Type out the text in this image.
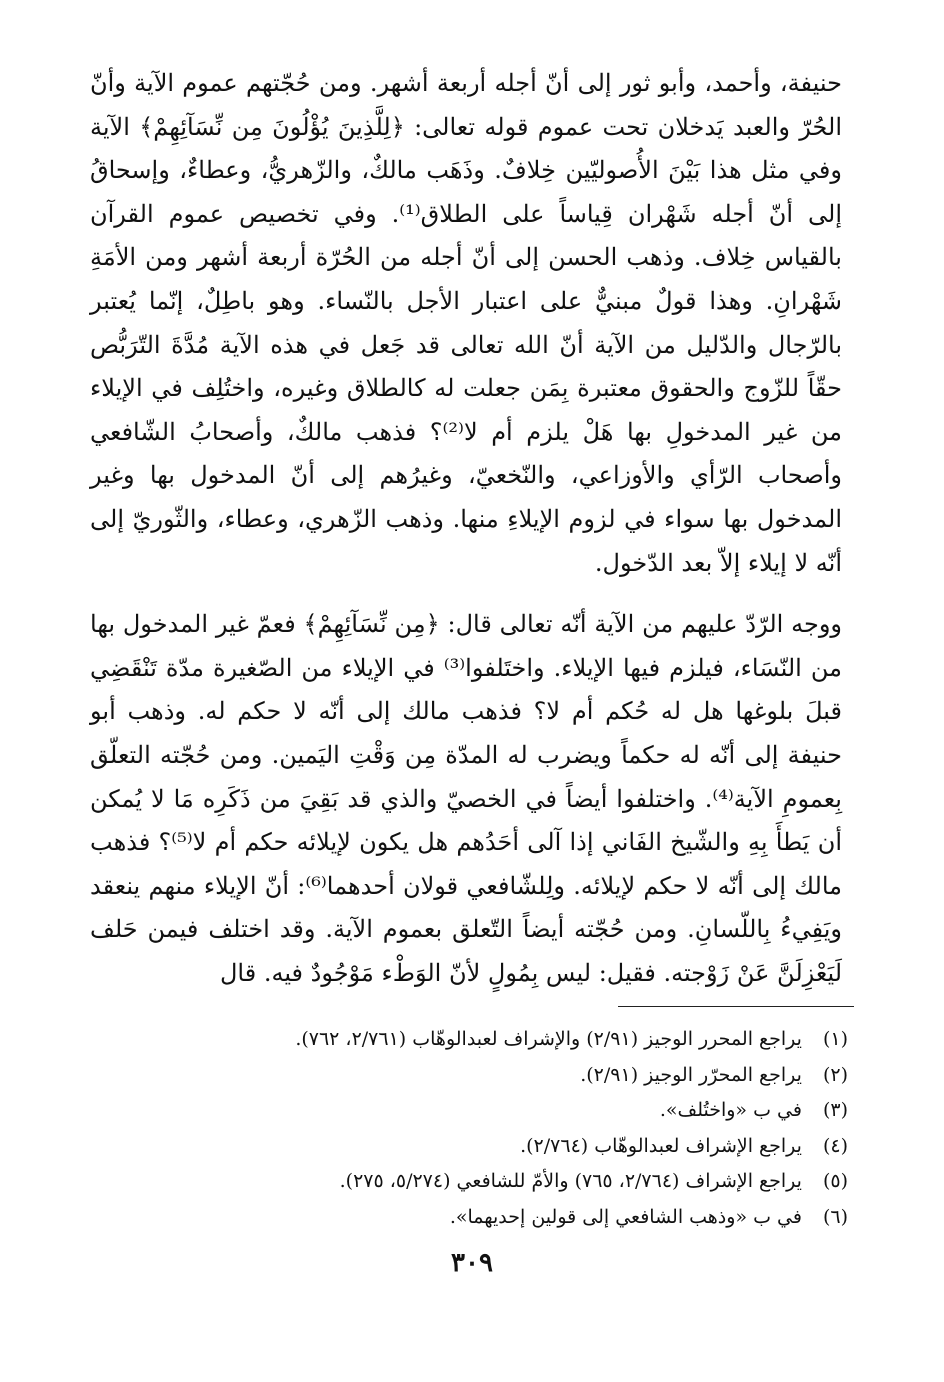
حنيفة، وأحمد، وأبو ثور إلى أنّ أجله أربعة أشهر. ومن حُجّتهم عموم الآية وأنّ الحُرّ والعبد يَدخلان تحت عموم قوله تعالى: ﴿لِلَّذِينَ يُؤْلُونَ مِن نِّسَآئِهِمْ﴾ الآية وفي مثل هذا بَيْنَ الأُصوليّين خِلافٌ. وذَهَب مالكٌ، والزّهريُّ، وعطاءٌ، وإسحاقُ إلى أنّ أجله شَهْران قِياساً على الطلاق⁽¹⁾. وفي تخصيص عموم القرآن بالقياس خِلاف. وذهب الحسن إلى أنّ أجله من الحُرّة أربعة أشهر ومن الأمَةِ شَهْرانِ. وهذا قولٌ مبنيٌّ على اعتبار الأجل بالنّساء. وهو باطِلٌ، إنّما يُعتبر بالرّجال والدّليل من الآية أنّ الله تعالى قد جَعل في هذه الآية مُدَّةَ التّرَبُّص حقّاً للزّوج والحقوق معتبرة بِمَن جعلت له كالطلاق وغيره، واختُلِف في الإيلاء من غير المدخولِ بها هَلْ يلزم أم لا⁽²⁾؟ فذهب مالكٌ، وأصحابُ الشّافعي وأصحاب الرّأي والأوزاعي، والنّخعيّ، وغيرُهم إلى أنّ المدخول بها وغير المدخول بها سواء في لزوم الإيلاءِ منها. وذهب الزّهري، وعطاء، والثّوريّ إلى أنّه لا إيلاء إلاّ بعد الدّخول.

ووجه الرّدّ عليهم من الآية أنّه تعالى قال: ﴿مِن نِّسَآئِهِمْ﴾ فعمّ غير المدخول بها من النّسَاء، فيلزم فيها الإيلاء. واختَلفوا⁽³⁾ في الإيلاء من الصّغيرة مدّة تَنْقَضِي قبلَ بلوغها هل له حُكم أم لا؟ فذهب مالك إلى أنّه لا حكم له. وذهب أبو حنيفة إلى أنّه له حكماً ويضرب له المدّة مِن وَقْتِ اليَمين. ومن حُجّته التعلّق بِعمومِ الآية⁽⁴⁾. واختلفوا أيضاً في الخصيّ والذي قد بَقِيَ من ذَكَرِه مَا لا يُمكن أن يَطأَ بِهِ والشّيخ الفَاني إذا آلى أحَدُهم هل يكون لإيلائه حكم أم لا⁽⁵⁾؟ فذهب مالك إلى أنّه لا حكم لإيلائه. ولِلشّافعي قولان أحدهما⁽⁶⁾: أنّ الإيلاء منهم ينعقد ويَفِيءُ بِاللّسانِ. ومن حُجّته أيضاً التّعلق بعموم الآية. وقد اختلف فيمن حَلف لَيَعْزِلَنَّ عَنْ زَوْجته. فقيل: ليس بِمُولٍ لأنّ الوَطْء مَوْجُودٌ فيه. قال

(١) يراجع المحرر الوجيز (٢/٩١) والإشراف لعبدالوهّاب (٢/٧٦١، ٧٦٢).
(٢) يراجع المحرّر الوجيز (٢/٩١).
(٣) في ب «واختُلف».
(٤) يراجع الإشراف لعبدالوهّاب (٢/٧٦٤).
(٥) يراجع الإشراف (٢/٧٦٤، ٧٦٥) والأمّ للشافعي (٥/٢٧٤، ٢٧٥).
(٦) في ب «وذهب الشافعي إلى قولين إحديهما».
٣٠٩
